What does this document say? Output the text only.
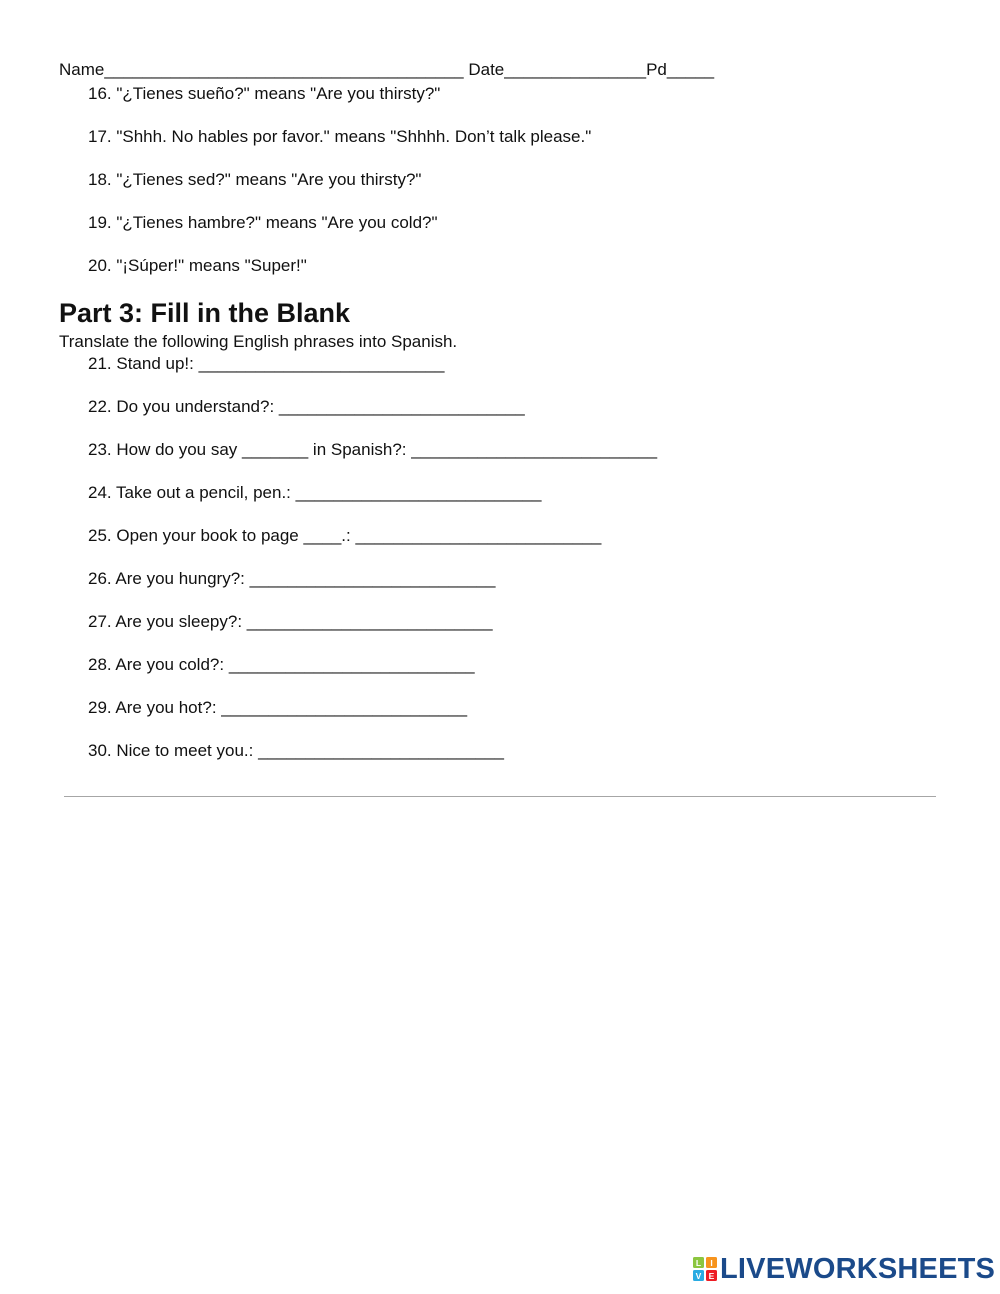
Name______________________________________ Date_______________Pd_____
16. "¿Tienes sueño?" means "Are you thirsty?"
17. "Shhh. No hables por favor." means "Shhhh. Don’t talk please."
18. "¿Tienes sed?" means "Are you thirsty?"
19. "¿Tienes hambre?" means "Are you cold?"
20. "¡Súper!" means "Super!"
Part 3: Fill in the Blank
Translate the following English phrases into Spanish.
21. Stand up!: __________________________
22. Do you understand?: __________________________
23. How do you say _______ in Spanish?: __________________________
24. Take out a pencil, pen.: __________________________
25. Open your book to page ____.: __________________________
26. Are you hungry?: __________________________
27. Are you sleepy?: __________________________
28. Are you cold?: __________________________
29. Are you hot?: __________________________
30. Nice to meet you.: __________________________
L I
V E LIVEWORKSHEETS
